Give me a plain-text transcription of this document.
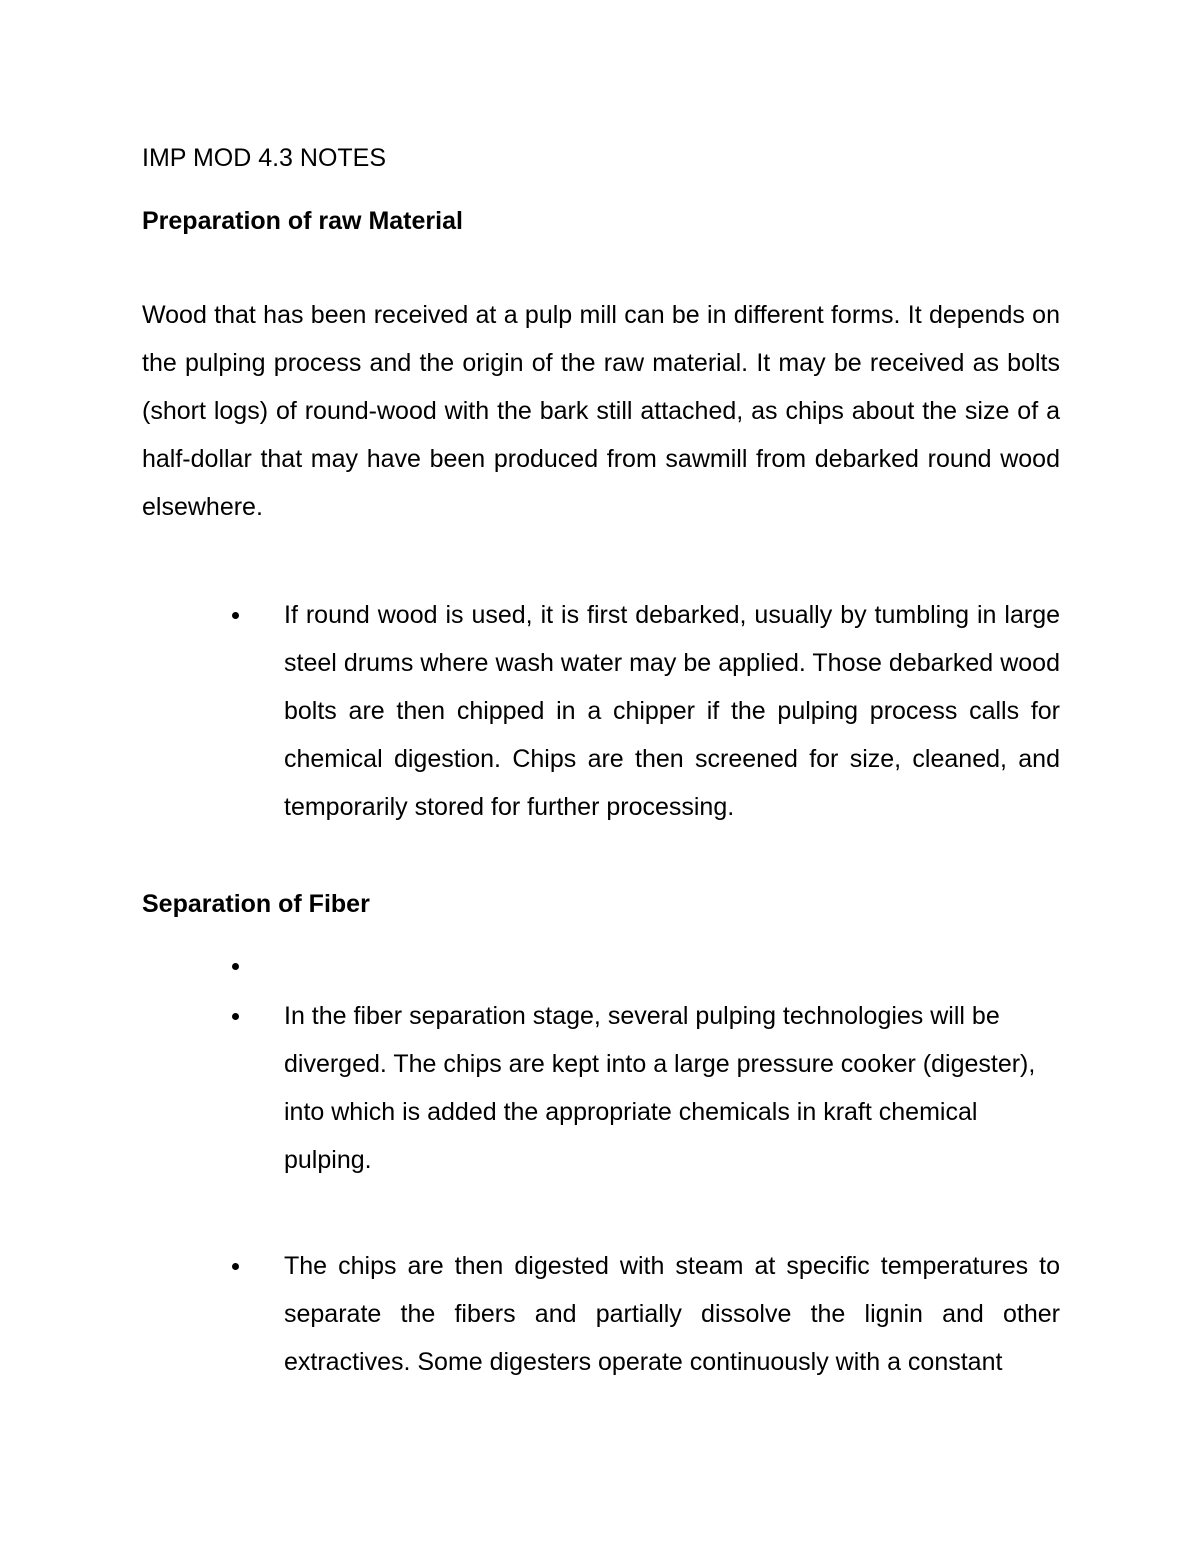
IMP MOD 4.3 NOTES
Preparation of raw Material

Wood that has been received at a pulp mill can be in different forms. It depends on the pulping process and the origin of the raw material. It may be received as bolts (short logs) of round-wood with the bark still attached, as chips about the size of a half-dollar that may have been produced from sawmill from debarked round wood elsewhere.

If round wood is used, it is first debarked, usually by tumbling in large steel drums where wash water may be applied. Those debarked wood bolts are then chipped in a chipper if the pulping process calls for chemical digestion. Chips are then screened for size, cleaned, and temporarily stored for further processing.
Separation of Fiber
In the fiber separation stage, several pulping technologies will be diverged. The chips are kept into a large pressure cooker (digester), into which is added the appropriate chemicals in kraft chemical pulping.
The chips are then digested with steam at specific temperatures to separate the fibers and partially dissolve the lignin and other extractives. Some digesters operate continuously with a constant
